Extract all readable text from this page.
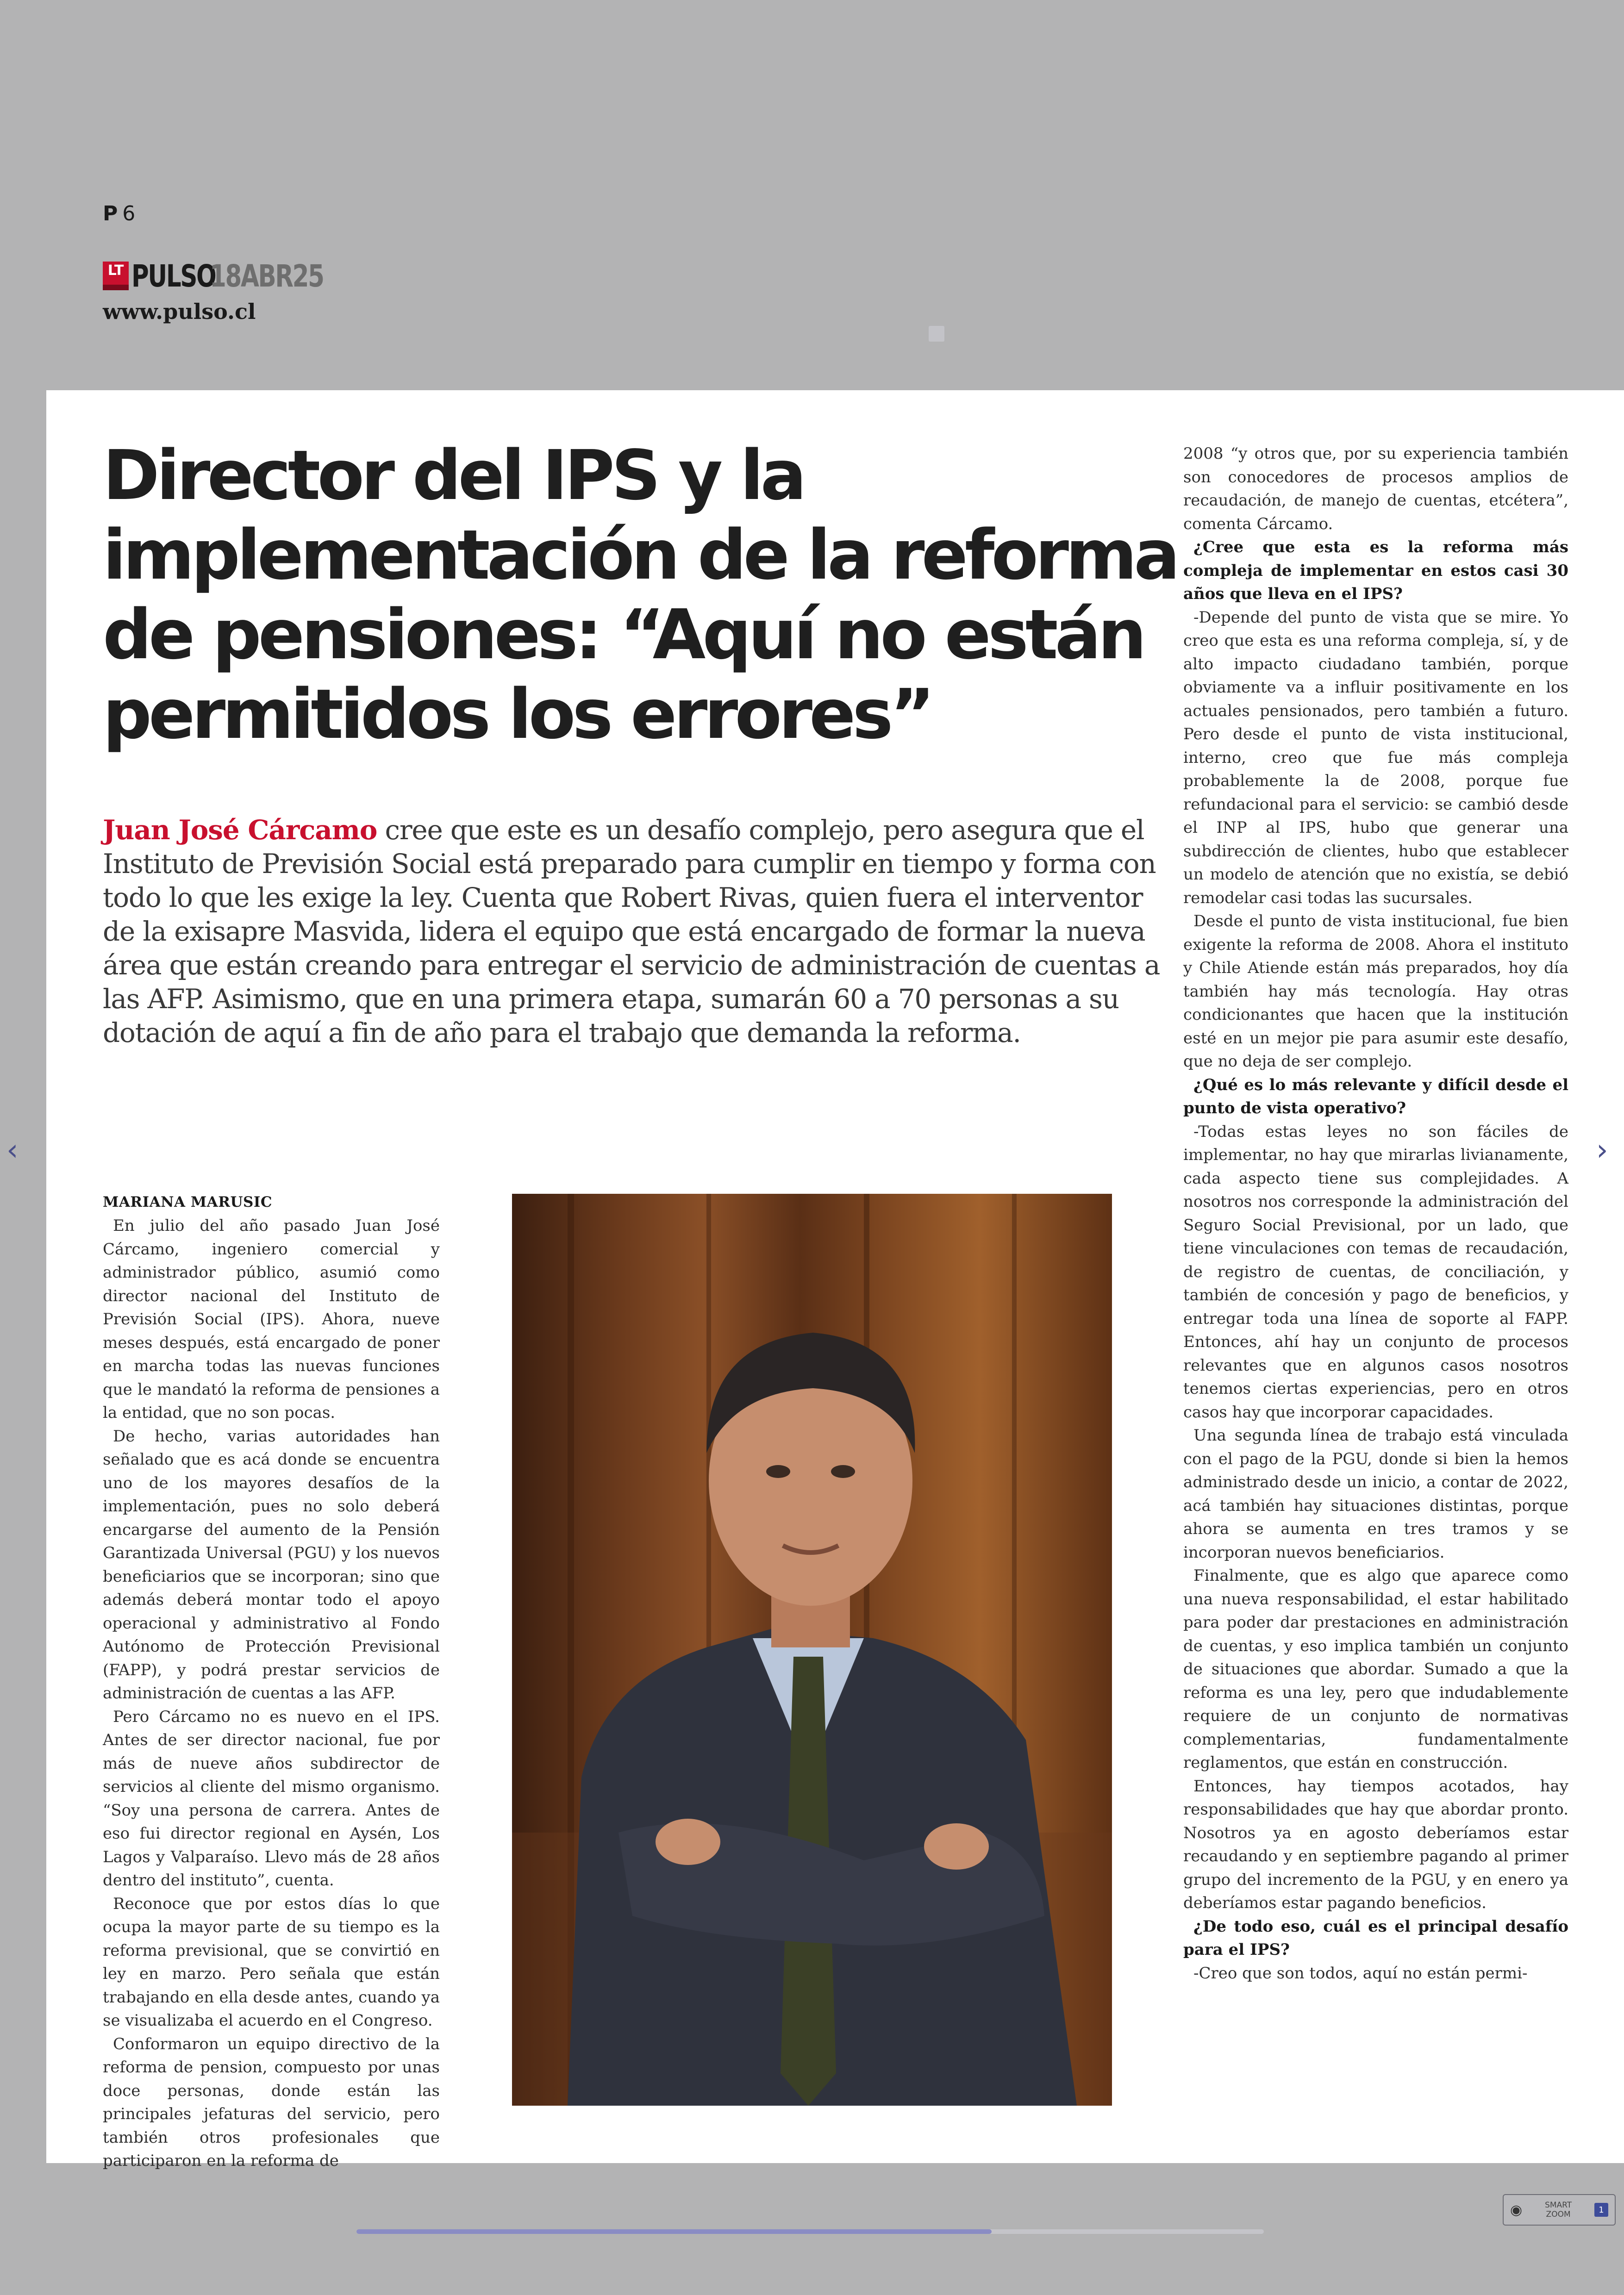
P 6
LT PULSO
18ABR25
www.pulso.cl
Director del IPS y la implementación de la reforma de pensiones: “Aquí no están permitidos los errores”
Juan José Cárcamo cree que este es un desafío complejo, pero asegura que el Instituto de Previsión Social está preparado para cumplir en tiempo y forma con todo lo que les exige la ley. Cuenta que Robert Rivas, quien fuera el interventor de la exisapre Masvida, lidera el equipo que está encargado de formar la nueva área que están creando para entregar el servicio de administración de cuentas a las AFP. Asimismo, que en una primera etapa, sumarán 60 a 70 personas a su dotación de aquí a fin de año para el trabajo que demanda la reforma.
MARIANA MARUSIC

En julio del año pasado Juan José Cárcamo, ingeniero comercial y administrador público, asumió como director nacional del Instituto de Previsión Social (IPS). Ahora, nueve meses después, está encargado de poner en marcha todas las nuevas funciones que le mandató la reforma de pensiones a la entidad, que no son pocas.

De hecho, varias autoridades han señalado que es acá donde se encuentra uno de los mayores desafíos de la implementación, pues no solo deberá encargarse del aumento de la Pensión Garantizada Universal (PGU) y los nuevos beneficiarios que se incorporan; sino que además deberá montar todo el apoyo operacional y administrativo al Fondo Autónomo de Protección Previsional (FAPP), y podrá prestar servicios de administración de cuentas a las AFP.

Pero Cárcamo no es nuevo en el IPS. Antes de ser director nacional, fue por más de nueve años subdirector de servicios al cliente del mismo organismo. “Soy una persona de carrera. Antes de eso fui director regional en Aysén, Los Lagos y Valparaíso. Llevo más de 28 años dentro del instituto”, cuenta.

Reconoce que por estos días lo que ocupa la mayor parte de su tiempo es la reforma previsional, que se convirtió en ley en marzo. Pero señala que están trabajando en ella desde antes, cuando ya se visualizaba el acuerdo en el Congreso.

Conformaron un equipo directivo de la reforma de pension, compuesto por unas doce personas, donde están las principales jefaturas del servicio, pero también otros profesionales que participaron en la reforma de

2008 “y otros que, por su experiencia también son conocedores de procesos amplios de recaudación, de manejo de cuentas, etcétera”, comenta Cárcamo.

¿Cree que esta es la reforma más compleja de implementar en estos casi 30 años que lleva en el IPS?

-Depende del punto de vista que se mire. Yo creo que esta es una reforma compleja, sí, y de alto impacto ciudadano también, porque obviamente va a influir positivamente en los actuales pensionados, pero también a futuro. Pero desde el punto de vista institucional, interno, creo que fue más compleja probablemente la de 2008, porque fue refundacional para el servicio: se cambió desde el INP al IPS, hubo que generar una subdirección de clientes, hubo que establecer un modelo de atención que no existía, se debió remodelar casi todas las sucursales.

Desde el punto de vista institucional, fue bien exigente la reforma de 2008. Ahora el instituto y Chile Atiende están más preparados, hoy día también hay más tecnología. Hay otras condicionantes que hacen que la institución esté en un mejor pie para asumir este desafío, que no deja de ser complejo.

¿Qué es lo más relevante y difícil desde el punto de vista operativo?

-Todas estas leyes no son fáciles de implementar, no hay que mirarlas livianamente, cada aspecto tiene sus complejidades. A nosotros nos corresponde la administración del Seguro Social Previsional, por un lado, que tiene vinculaciones con temas de recaudación, de registro de cuentas, de conciliación, y también de concesión y pago de beneficios, y entregar toda una línea de soporte al FAPP. Entonces, ahí hay un conjunto de procesos relevantes que en algunos casos nosotros tenemos ciertas experiencias, pero en otros casos hay que incorporar capacidades.

Una segunda línea de trabajo está vinculada con el pago de la PGU, donde si bien la hemos administrado desde un inicio, a contar de 2022, acá también hay situaciones distintas, porque ahora se aumenta en tres tramos y se incorporan nuevos beneficiarios.

Finalmente, que es algo que aparece como una nueva responsabilidad, el estar habilitado para poder dar prestaciones en administración de cuentas, y eso implica también un conjunto de situaciones que abordar. Sumado a que la reforma es una ley, pero que indudablemente requiere de un conjunto de normativas complementarias, fundamentalmente reglamentos, que están en construcción.

Entonces, hay tiempos acotados, hay responsabilidades que hay que abordar pronto. Nosotros ya en agosto deberíamos estar recaudando y en septiembre pagando al primer grupo del incremento de la PGU, y en enero ya deberíamos estar pagando beneficios.

¿De todo eso, cuál es el principal desafío para el IPS?

-Creo que son todos, aquí no están permi-

‹	›
◉	SMART ZOOM	1
